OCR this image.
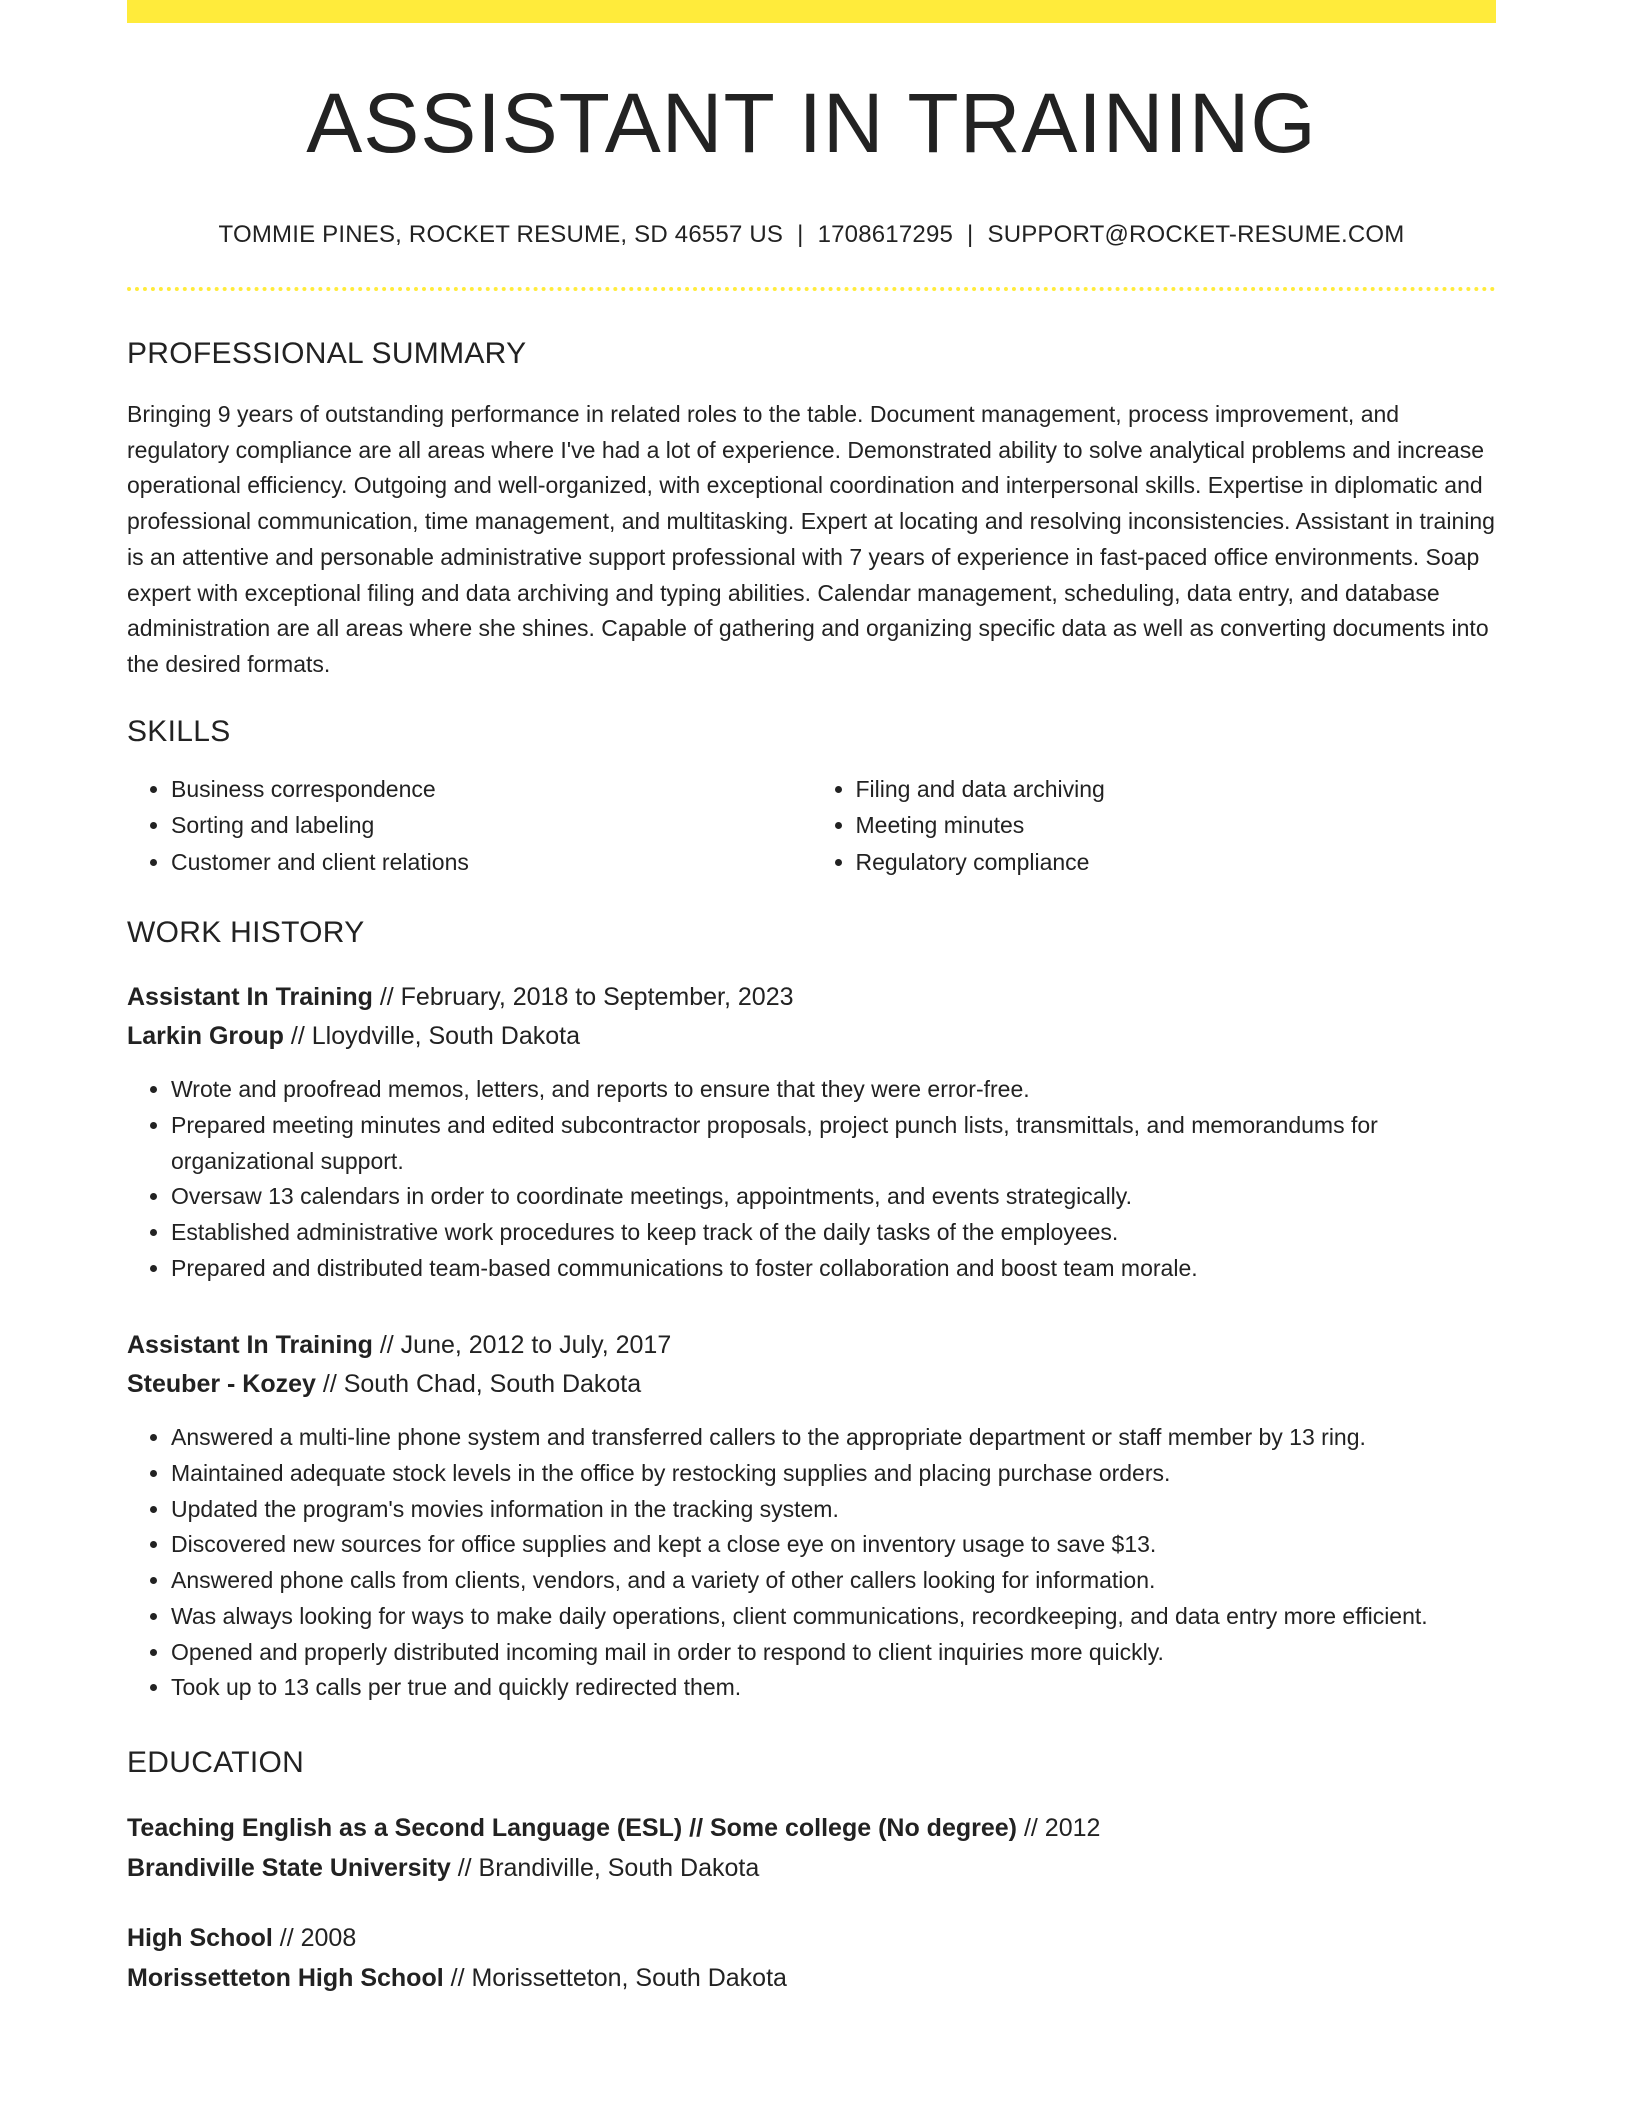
ASSISTANT IN TRAINING
TOMMIE PINES, ROCKET RESUME, SD 46557 US | 1708617295 | SUPPORT@ROCKET-RESUME.COM
PROFESSIONAL SUMMARY

Bringing 9 years of outstanding performance in related roles to the table. Document management, process improvement, and regulatory compliance are all areas where I've had a lot of experience. Demonstrated ability to solve analytical problems and increase operational efficiency. Outgoing and well-organized, with exceptional coordination and interpersonal skills. Expertise in diplomatic and professional communication, time management, and multitasking. Expert at locating and resolving inconsistencies. Assistant in training is an attentive and personable administrative support professional with 7 years of experience in fast-paced office environments. Soap expert with exceptional filing and data archiving and typing abilities. Calendar management, scheduling, data entry, and database administration are all areas where she shines. Capable of gathering and organizing specific data as well as converting documents into the desired formats.

SKILLS
• Business correspondence
• Sorting and labeling
• Customer and client relations
• Filing and data archiving
• Meeting minutes
• Regulatory compliance
WORK HISTORY
Assistant In Training // February, 2018 to September, 2023
Larkin Group // Lloydville, South Dakota
• Wrote and proofread memos, letters, and reports to ensure that they were error-free.
• Prepared meeting minutes and edited subcontractor proposals, project punch lists, transmittals, and memorandums for organizational support.
• Oversaw 13 calendars in order to coordinate meetings, appointments, and events strategically.
• Established administrative work procedures to keep track of the daily tasks of the employees.
• Prepared and distributed team-based communications to foster collaboration and boost team morale.
Assistant In Training // June, 2012 to July, 2017
Steuber - Kozey // South Chad, South Dakota
• Answered a multi-line phone system and transferred callers to the appropriate department or staff member by 13 ring.
• Maintained adequate stock levels in the office by restocking supplies and placing purchase orders.
• Updated the program's movies information in the tracking system.
• Discovered new sources for office supplies and kept a close eye on inventory usage to save $13.
• Answered phone calls from clients, vendors, and a variety of other callers looking for information.
• Was always looking for ways to make daily operations, client communications, recordkeeping, and data entry more efficient.
• Opened and properly distributed incoming mail in order to respond to client inquiries more quickly.
• Took up to 13 calls per true and quickly redirected them.
EDUCATION
Teaching English as a Second Language (ESL) // Some college (No degree) // 2012
Brandiville State University // Brandiville, South Dakota
High School // 2008
Morissetteton High School // Morissetteton, South Dakota
